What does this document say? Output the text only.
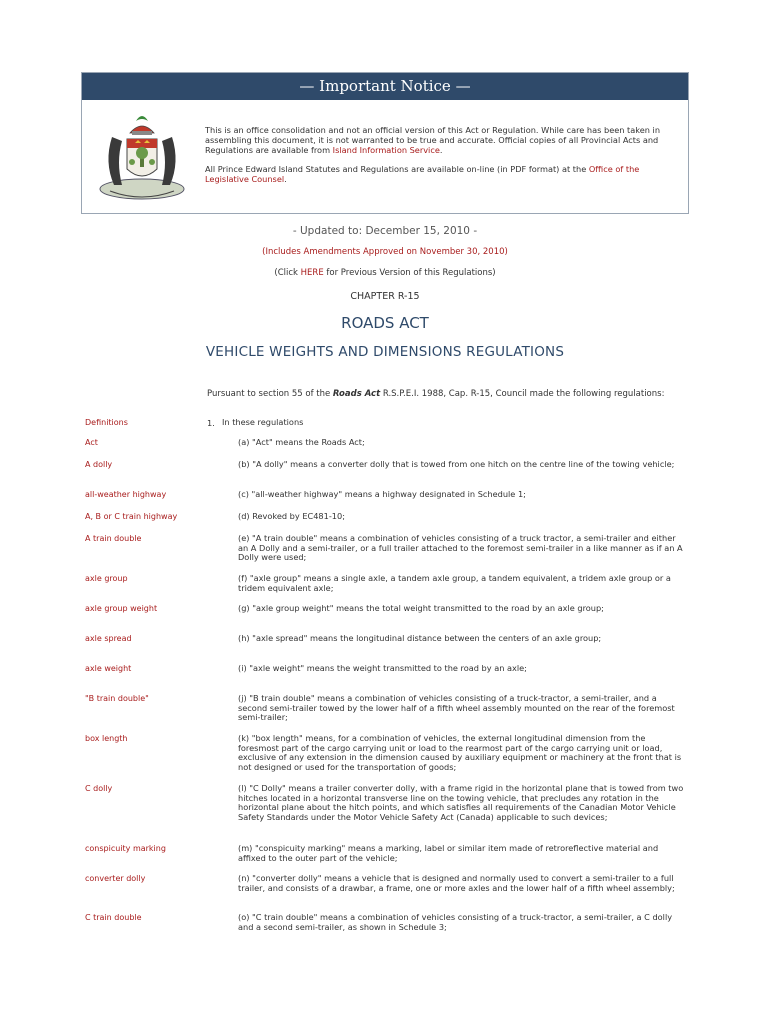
— Important Notice —

This is an office consolidation and not an official version of this Act or Regulation. While care has been taken in assembling this document, it is not warranted to be true and accurate. Official copies of all Provincial Acts and Regulations are available from Island Information Service.

All Prince Edward Island Statutes and Regulations are available on-line (in PDF format) at the Office of the Legislative Counsel.

- Updated to: December 15, 2010 -
(Includes Amendments Approved on November 30, 2010)
(Click HERE for Previous Version of this Regulations)
CHAPTER R-15
ROADS ACT
VEHICLE WEIGHTS AND DIMENSIONS REGULATIONS
Pursuant to section 55 of the Roads Act R.S.P.E.I. 1988, Cap. R-15, Council made the following regulations:
Definitions	1. In these regulations
Act	(a) "Act" means the Roads Act;
A dolly	(b) "A dolly" means a converter dolly that is towed from one hitch on the centre line of the towing vehicle;
all-weather highway	(c) "all-weather highway" means a highway designated in Schedule 1;
A, B or C train highway	(d) Revoked by EC481-10;
A train double	(e) "A train double" means a combination of vehicles consisting of a truck tractor, a semi-trailer and either an A Dolly and a semi-trailer, or a full trailer attached to the foremost semi-trailer in a like manner as if an A Dolly were used;
axle group	(f) "axle group" means a single axle, a tandem axle group, a tandem equivalent, a tridem axle group or a tridem equivalent axle;
axle group weight	(g) "axle group weight" means the total weight transmitted to the road by an axle group;
axle spread	(h) "axle spread" means the longitudinal distance between the centers of an axle group;
axle weight	(i) "axle weight" means the weight transmitted to the road by an axle;
"B train double"	(j) "B train double" means a combination of vehicles consisting of a truck-tractor, a semi-trailer, and a second semi-trailer towed by the lower half of a fifth wheel assembly mounted on the rear of the foremost semi-trailer;
box length	(k) "box length" means, for a combination of vehicles, the external longitudinal dimension from the foresmost part of the cargo carrying unit or load to the rearmost part of the cargo carrying unit or load, exclusive of any extension in the dimension caused by auxiliary equipment or machinery at the front that is not designed or used for the transportation of goods;
C dolly	(l) "C Dolly" means a trailer converter dolly, with a frame rigid in the horizontal plane that is towed from two hitches located in a horizontal transverse line on the towing vehicle, that precludes any rotation in the horizontal plane about the hitch points, and which satisfies all requirements of the Canadian Motor Vehicle Safety Standards under the Motor Vehicle Safety Act (Canada) applicable to such devices;
conspicuity marking	(m) "conspicuity marking" means a marking, label or similar item made of retroreflective material and affixed to the outer part of the vehicle;
converter dolly	(n) "converter dolly" means a vehicle that is designed and normally used to convert a semi-trailer to a full trailer, and consists of a drawbar, a frame, one or more axles and the lower half of a fifth wheel assembly;
C train double	(o) "C train double" means a combination of vehicles consisting of a truck-tractor, a semi-trailer, a C dolly and a second semi-trailer, as shown in Schedule 3;
